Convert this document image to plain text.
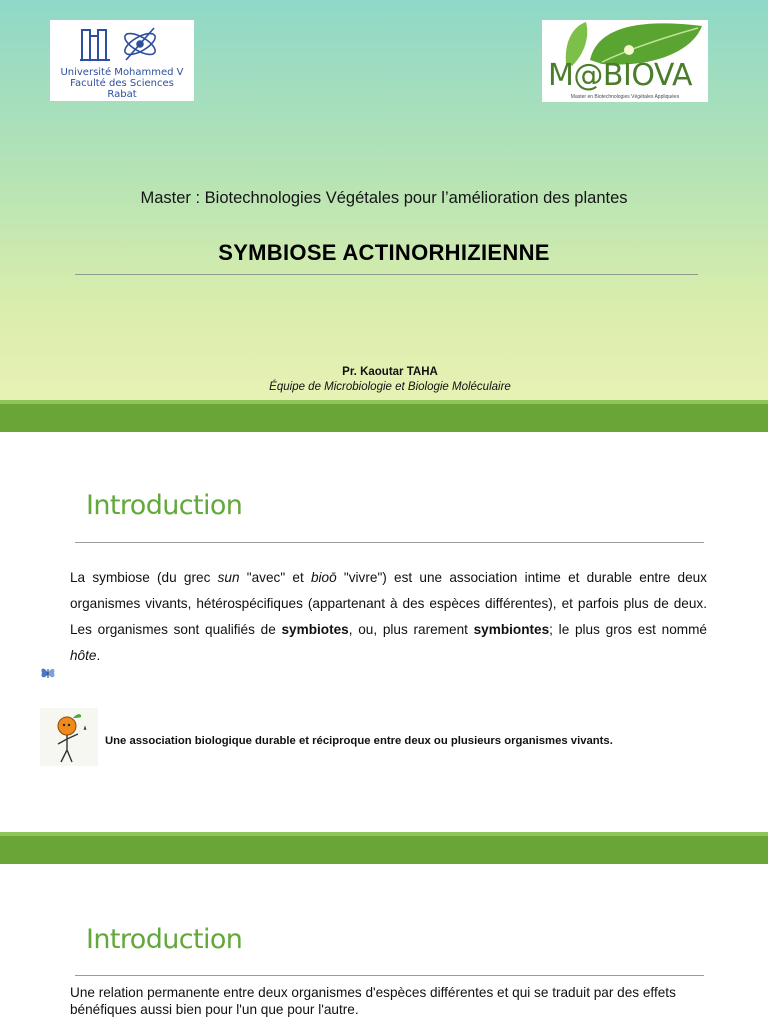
Université Mohammed V
Faculté des Sciences
Rabat
M@BIOVA
Master en Biotechnologies Végétales Appliquées
Master : Biotechnologies Végétales pour l’amélioration des plantes
SYMBIOSE ACTINORHIZIENNE
Pr. Kaoutar TAHA
Équipe de Microbiologie et Biologie Moléculaire
Introduction
La symbiose (du grec sun "avec" et bioō "vivre") est une association intime et durable entre deux organismes vivants, hétérospécifiques (appartenant à des espèces différentes), et parfois plus de deux. Les organismes sont qualifiés de symbiotes, ou, plus rarement symbiontes; le plus gros est nommé hôte.
Une association biologique durable et réciproque entre deux ou plusieurs organismes vivants.
Introduction
Une relation permanente entre deux organismes d'espèces différentes et qui se traduit par des effets bénéfiques aussi bien pour l'un que pour l'autre.
